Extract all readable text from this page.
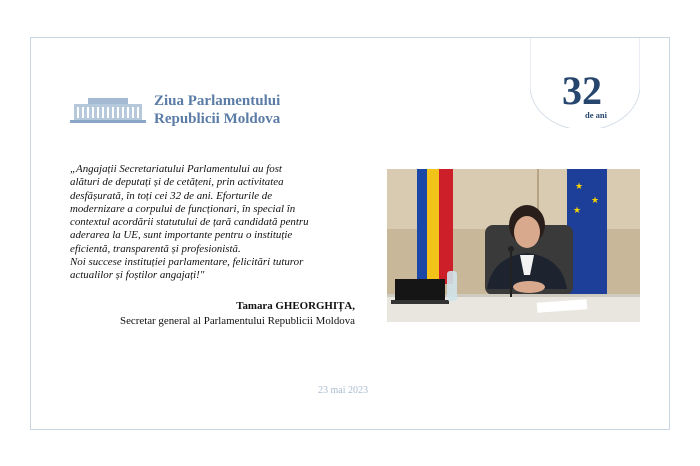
Ziua Parlamentului
Republicii Moldova
32
de ani

„Angajații Secretariatului Parlamentului au fost

alături de deputați și de cetățeni, prin activitatea

desfășurată, în toți cei 32 de ani. Eforturile de

modernizare a corpului de funcționari, în special în

contextul acordării statutului de țară candidată pentru

aderarea la UE, sunt importante pentru o instituție

eficientă, transparentă și profesionistă.

Noi succese instituției parlamentare, felicitări tuturor

actualilor și foștilor angajați!"

Tamara GHEORGHIȚA,
Secretar general al Parlamentului Republicii Moldova
23 mai 2023
★
★
★
